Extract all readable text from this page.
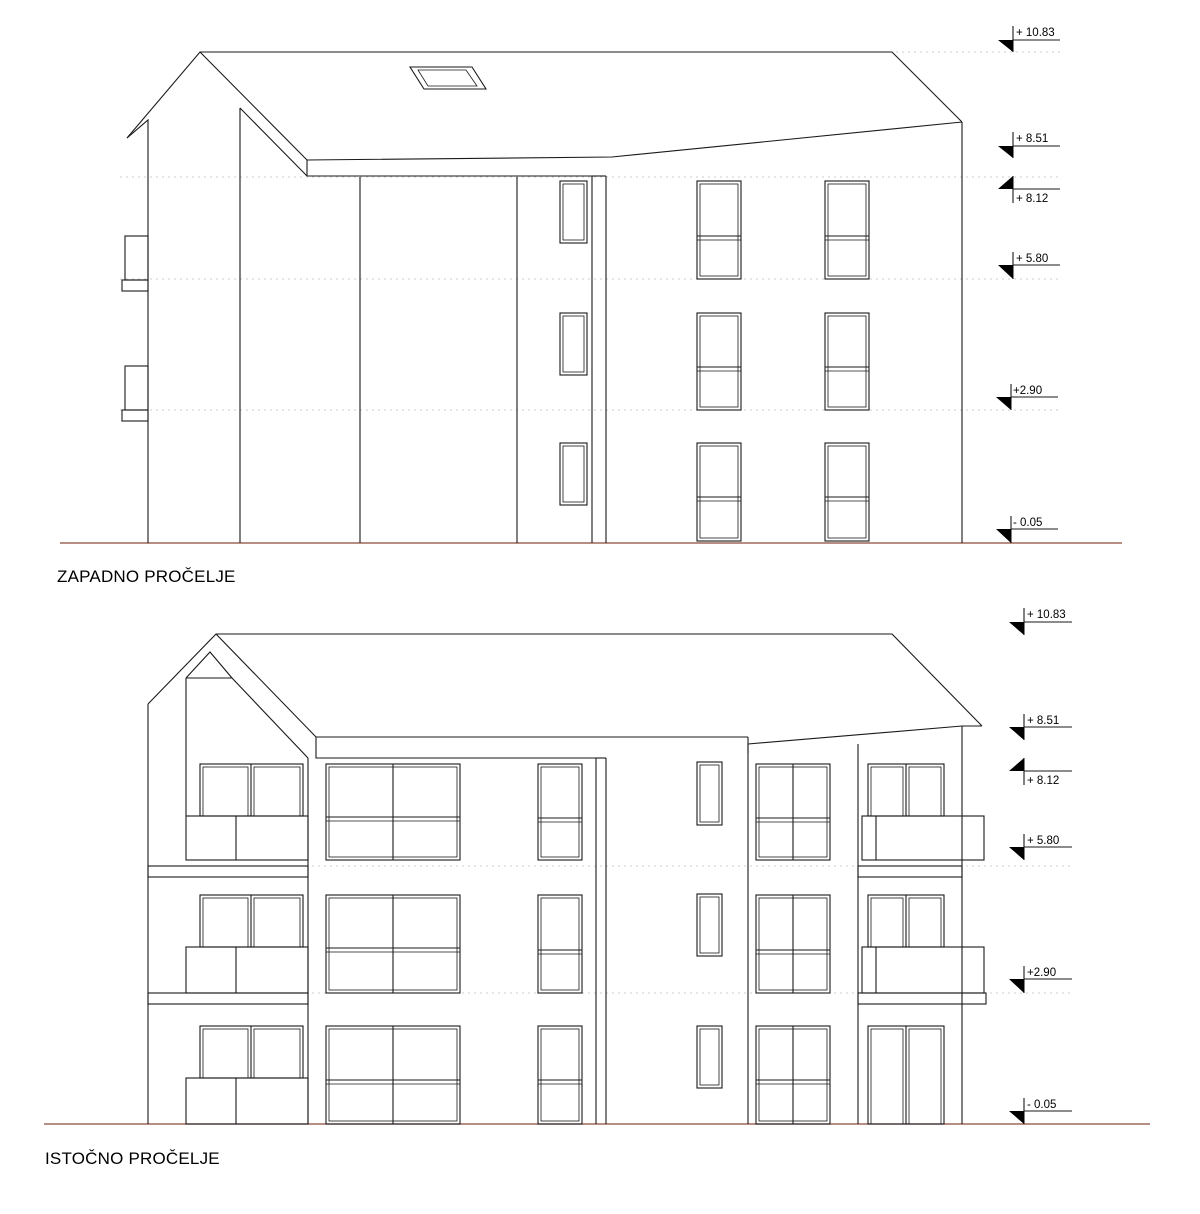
+ 10.83
+ 8.51
+ 8.12
+ 5.80
+2.90
- 0.05
+ 10.83
+ 8.51
+ 8.12
+ 5.80
+2.90
- 0.05
ZAPADNO PROČELJE
ISTOČNO PROČELJE
